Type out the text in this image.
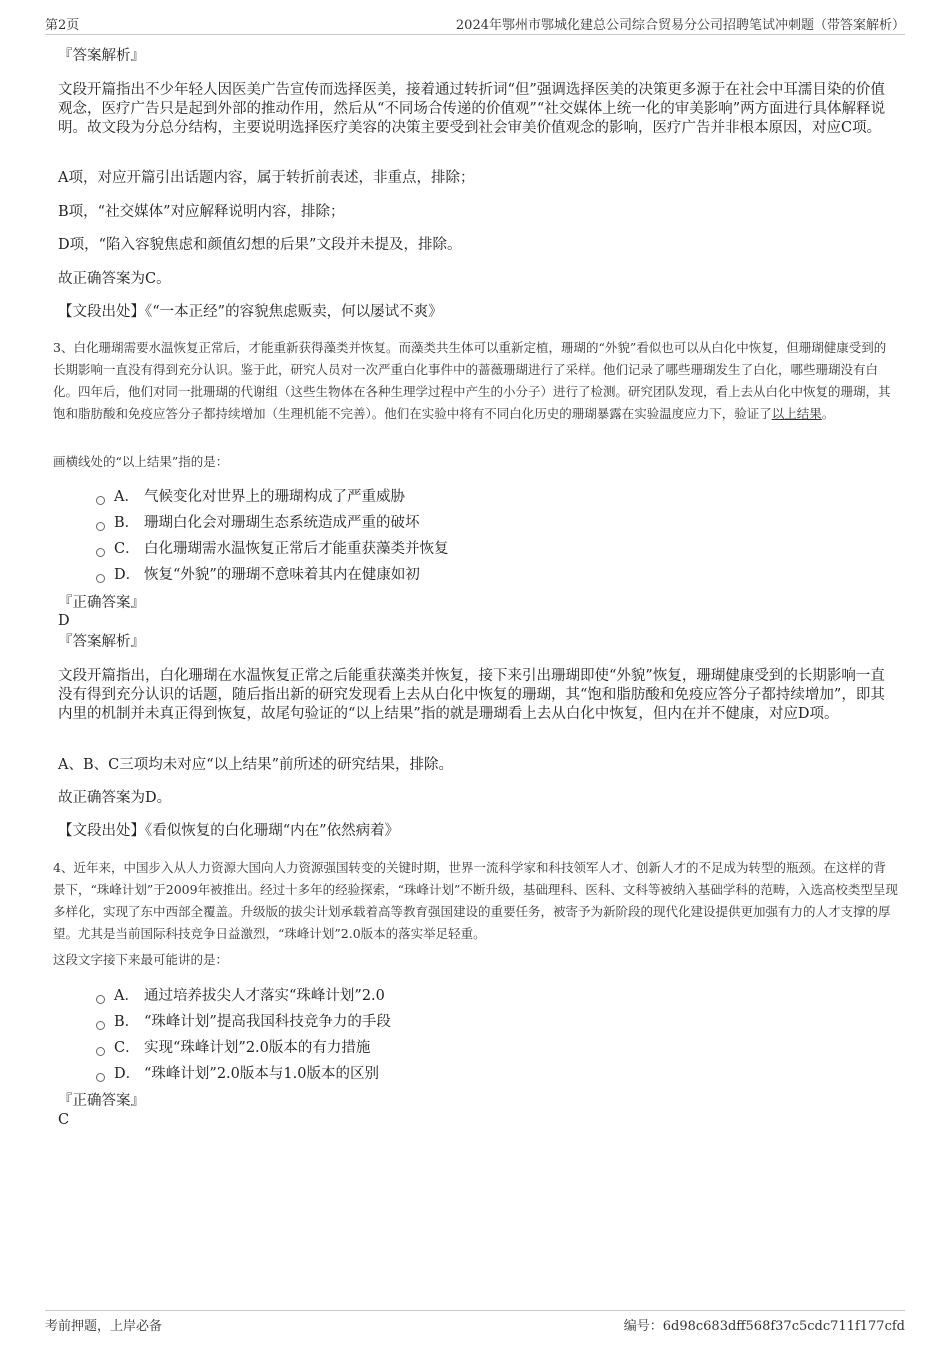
第2页	2024年鄂州市鄂城化建总公司综合贸易分公司招聘笔试冲刺题（带答案解析）
『答案解析』
文段开篇指出不少年轻人因医美广告宣传而选择医美，接着通过转折词“但”强调选择医美的决策更多源于在社会中耳濡目染的价值观念，医疗广告只是起到外部的推动作用，然后从“不同场合传递的价值观”“社交媒体上统一化的审美影响”两方面进行具体解释说明。故文段为分总分结构，主要说明选择医疗美容的决策主要受到社会审美价值观念的影响，医疗广告并非根本原因，对应C项。
A项，对应开篇引出话题内容，属于转折前表述，非重点，排除；
B项，“社交媒体”对应解释说明内容，排除；
D项，“陷入容貌焦虑和颜值幻想的后果”文段并未提及，排除。
故正确答案为C。
【文段出处】《“一本正经”的容貌焦虑贩卖，何以屡试不爽》
3、白化珊瑚需要水温恢复正常后，才能重新获得藻类并恢复。而藻类共生体可以重新定植，珊瑚的“外貌”看似也可以从白化中恢复，但珊瑚健康受到的长期影响一直没有得到充分认识。鉴于此，研究人员对一次严重白化事件中的蔷薇珊瑚进行了采样。他们记录了哪些珊瑚发生了白化，哪些珊瑚没有白化。四年后，他们对同一批珊瑚的代谢组（这些生物体在各种生理学过程中产生的小分子）进行了检测。研究团队发现，看上去从白化中恢复的珊瑚，其饱和脂肪酸和免疫应答分子都持续增加（生理机能不完善）。他们在实验中将有不同白化历史的珊瑚暴露在实验温度应力下，验证了以上结果。
画横线处的“以上结果”指的是：
A． 气候变化对世界上的珊瑚构成了严重威胁
B． 珊瑚白化会对珊瑚生态系统造成严重的破坏
C． 白化珊瑚需水温恢复正常后才能重获藻类并恢复
D． 恢复“外貌”的珊瑚不意味着其内在健康如初
『正确答案』
D
『答案解析』
文段开篇指出，白化珊瑚在水温恢复正常之后能重获藻类并恢复，接下来引出珊瑚即使“外貌”恢复，珊瑚健康受到的长期影响一直没有得到充分认识的话题，随后指出新的研究发现看上去从白化中恢复的珊瑚，其“饱和脂肪酸和免疫应答分子都持续增加”，即其内里的机制并未真正得到恢复，故尾句验证的“以上结果”指的就是珊瑚看上去从白化中恢复，但内在并不健康，对应D项。
A、B、C三项均未对应“以上结果”前所述的研究结果，排除。
故正确答案为D。
【文段出处】《看似恢复的白化珊瑚“内在”依然病着》
4、近年来，中国步入从人力资源大国向人力资源强国转变的关键时期，世界一流科学家和科技领军人才、创新人才的不足成为转型的瓶颈。在这样的背景下，“珠峰计划”于2009年被推出。经过十多年的经验探索，“珠峰计划”不断升级，基础理科、医科、文科等被纳入基础学科的范畴，入选高校类型呈现多样化，实现了东中西部全覆盖。升级版的拔尖计划承载着高等教育强国建设的重要任务，被寄予为新阶段的现代化建设提供更加强有力的人才支撑的厚望。尤其是当前国际科技竞争日益激烈，“珠峰计划”2.0版本的落实举足轻重。
这段文字接下来最可能讲的是：
A． 通过培养拔尖人才落实“珠峰计划”2.0
B． “珠峰计划”提高我国科技竞争力的手段
C． 实现“珠峰计划”2.0版本的有力措施
D． “珠峰计划”2.0版本与1.0版本的区别
『正确答案』
C
考前押题，上岸必备	编号：6d98c683dff568f37c5cdc711f177cfd
